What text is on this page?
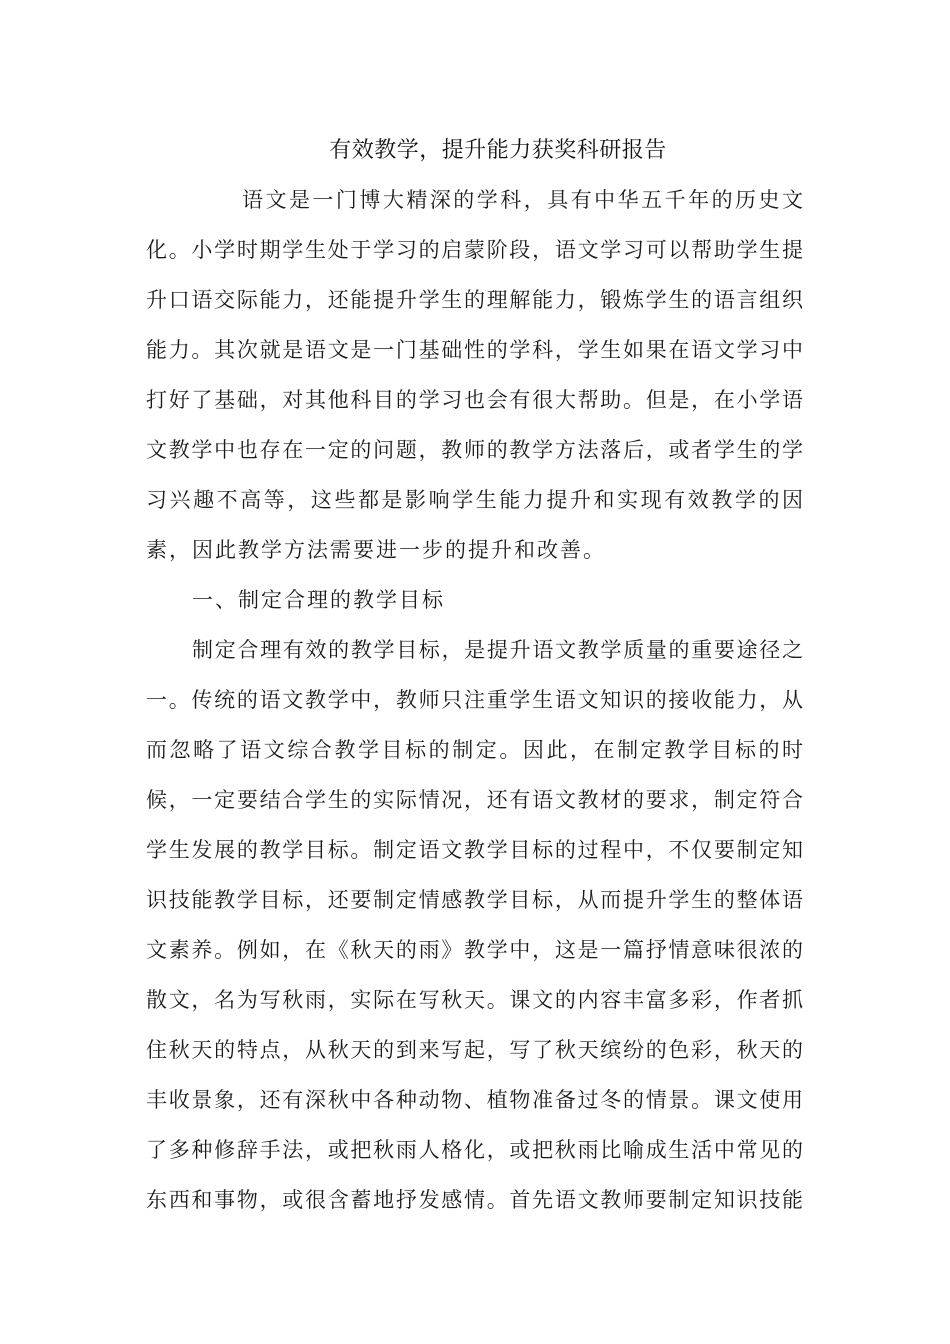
有效教学，提升能力获奖科研报告
语文是一门博大精深的学科，具有中华五千年的历史文
化。小学时期学生处于学习的启蒙阶段，语文学习可以帮助学生提
升口语交际能力，还能提升学生的理解能力，锻炼学生的语言组织
能力。其次就是语文是一门基础性的学科，学生如果在语文学习中
打好了基础，对其他科目的学习也会有很大帮助。但是，在小学语
文教学中也存在一定的问题，教师的教学方法落后，或者学生的学
习兴趣不高等，这些都是影响学生能力提升和实现有效教学的因
素，因此教学方法需要进一步的提升和改善。
一、制定合理的教学目标
制定合理有效的教学目标，是提升语文教学质量的重要途径之
一。传统的语文教学中，教师只注重学生语文知识的接收能力，从
而忽略了语文综合教学目标的制定。因此，在制定教学目标的时
候，一定要结合学生的实际情况，还有语文教材的要求，制定符合
学生发展的教学目标。制定语文教学目标的过程中，不仅要制定知
识技能教学目标，还要制定情感教学目标，从而提升学生的整体语
文素养。例如，在《秋天的雨》教学中，这是一篇抒情意味很浓的
散文，名为写秋雨，实际在写秋天。课文的内容丰富多彩，作者抓
住秋天的特点，从秋天的到来写起，写了秋天缤纷的色彩，秋天的
丰收景象，还有深秋中各种动物、植物准备过冬的情景。课文使用
了多种修辞手法，或把秋雨人格化，或把秋雨比喻成生活中常见的
东西和事物，或很含蓄地抒发感情。首先语文教师要制定知识技能
